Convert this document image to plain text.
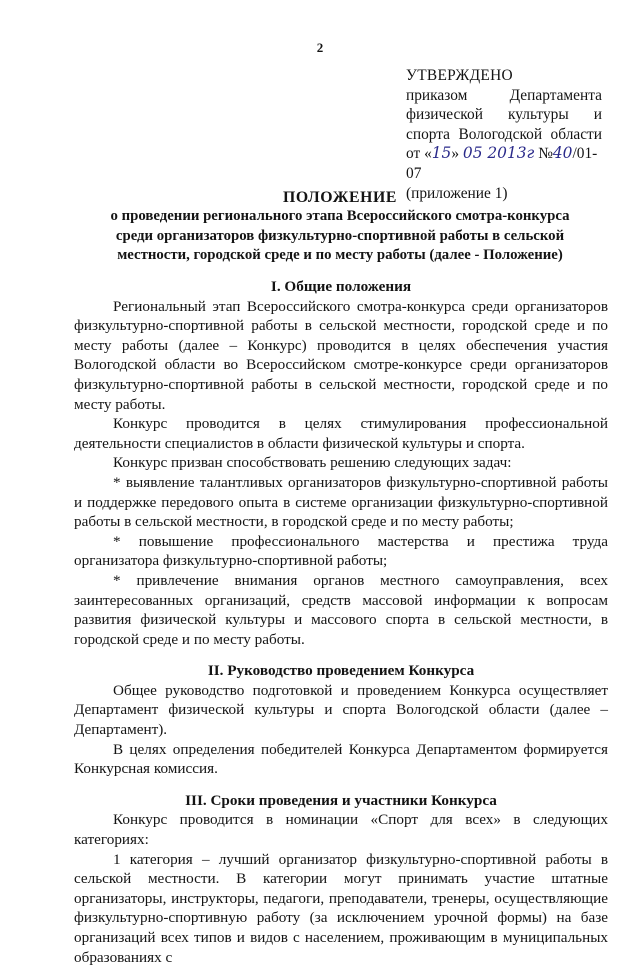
2
УТВЕРЖДЕНО
приказом Департамента
физической культуры и
спорта Вологодской области
от «15» 05 2013г №40/01-07
(приложение 1)
ПОЛОЖЕНИЕ
о проведении регионального этапа Всероссийского смотра-конкурса среди организаторов физкультурно-спортивной работы в сельской местности, городской среде и по месту работы (далее - Положение)
I. Общие положения

Региональный этап Всероссийского смотра-конкурса среди организаторов физкультурно-спортивной работы в сельской местности, городской среде и по месту работы (далее – Конкурс) проводится в целях обеспечения участия Вологодской области во Всероссийском смотре-конкурсе среди организаторов физкультурно-спортивной работы в сельской местности, городской среде и по месту работы.

Конкурс проводится в целях стимулирования профессиональной деятельности специалистов в области физической культуры и спорта.

Конкурс призван способствовать решению следующих задач:

* выявление талантливых организаторов физкультурно-спортивной работы и поддержке передового опыта в системе организации физкультурно-спортивной работы в сельской местности, в городской среде и по месту работы;

* повышение профессионального мастерства и престижа труда организатора физкультурно-спортивной работы;

* привлечение внимания органов местного самоуправления, всех заинтересованных организаций, средств массовой информации к вопросам развития физической культуры и массового спорта в сельской местности, в городской среде и по месту работы.

II. Руководство проведением Конкурса

Общее руководство подготовкой и проведением Конкурса осуществляет Департамент физической культуры и спорта Вологодской области (далее – Департамент).

В целях определения победителей Конкурса Департаментом формируется Конкурсная комиссия.

III. Сроки проведения и участники Конкурса

Конкурс проводится в номинации «Спорт для всех» в следующих категориях:

1 категория – лучший организатор физкультурно-спортивной работы в сельской местности. В категории могут принимать участие штатные организаторы, инструкторы, педагоги, преподаватели, тренеры, осуществляющие физкультурно-спортивную работу (за исключением урочной формы) на базе организаций всех типов и видов с населением, проживающим в муниципальных образованиях с
